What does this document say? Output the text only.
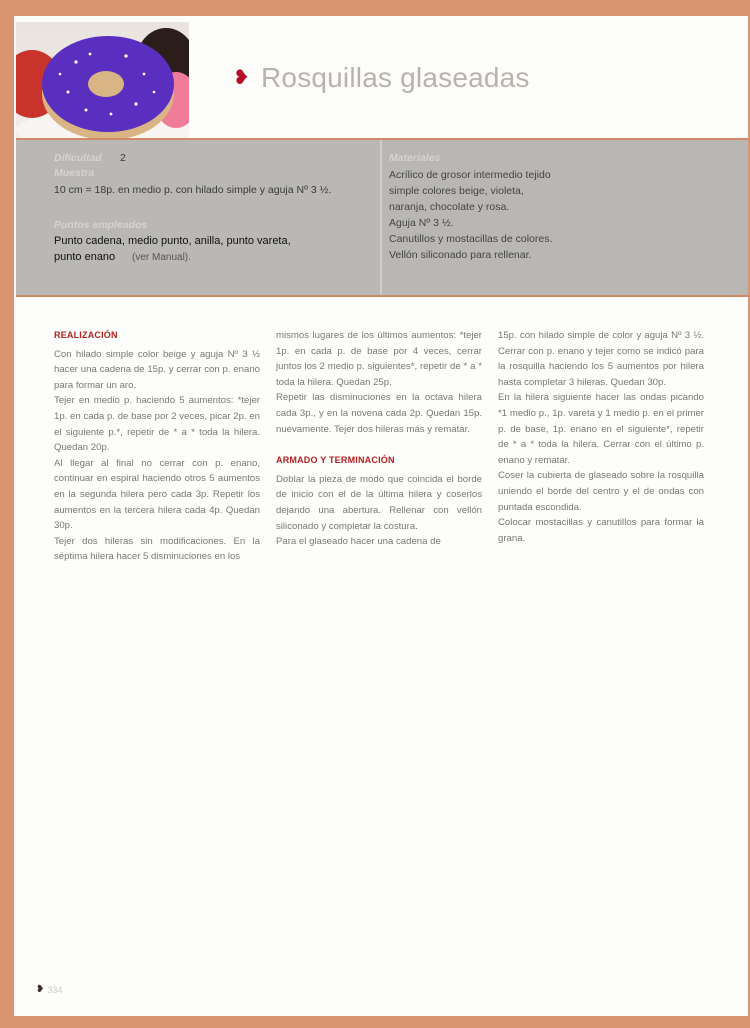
❥ Rosquillas glaseadas
Dificultad 2
Muestra
10 cm = 18p. en medio p. con hilado simple y aguja Nº 3 ½.
Puntos empleados
Punto cadena, medio punto, anilla, punto vareta,
punto enano (ver Manual).
Materiales
Acrílico de grosor intermedio tejido
simple colores beige, violeta,
naranja, chocolate y rosa.
Aguja Nº 3 ½.
Canutillos y mostacillas de colores.
Vellón siliconado para rellenar.
REALIZACIÓN

Con hilado simple color beige y aguja Nº 3 ½ hacer una cadena de 15p. y cerrar con p. enano para formar un aro.

Tejer en medio p. haciendo 5 aumentos: *tejer 1p. en cada p. de base por 2 veces, picar 2p. en el siguiente p.*, repetir de * a * toda la hilera. Quedan 20p.

Al llegar al final no cerrar con p. enano, continuar en espiral haciendo otros 5 aumentos en la segunda hilera pero cada 3p. Repetir los aumentos en la tercera hilera cada 4p. Quedan 30p.

Tejer dos hileras sin modificaciones. En la séptima hilera hacer 5 disminuciones en los

mismos lugares de los últimos aumentos: *tejer 1p. en cada p. de base por 4 veces, cerrar juntos los 2 medio p. siguientes*, repetir de * a * toda la hilera. Quedan 25p.

Repetir las disminuciones en la octava hilera cada 3p., y en la novena cada 2p. Quedan 15p. nuevamente. Tejer dos hileras más y rematar.

ARMADO Y TERMINACIÓN

Doblar la pieza de modo que coincida el borde de inicio con el de la última hilera y coserlos dejando una abertura. Rellenar con vellón siliconado y completar la costura.

Para el glaseado hacer una cadena de

15p. con hilado simple de color y aguja Nº 3 ½. Cerrar con p. enano y tejer como se indicó para la rosquilla haciendo los 5 aumentos por hilera hasta completar 3 hileras. Quedan 30p.

En la hilera siguiente hacer las ondas picando *1 medio p., 1p. vareta y 1 medio p. en el primer p. de base, 1p. enano en el siguiente*, repetir de * a * toda la hilera. Cerrar con el último p. enano y rematar.

Coser la cubierta de glaseado sobre la rosquilla uniendo el borde del centro y el de ondas con puntada escondida.

Colocar mostacillas y canutillos para formar la grana.

❥ 334
